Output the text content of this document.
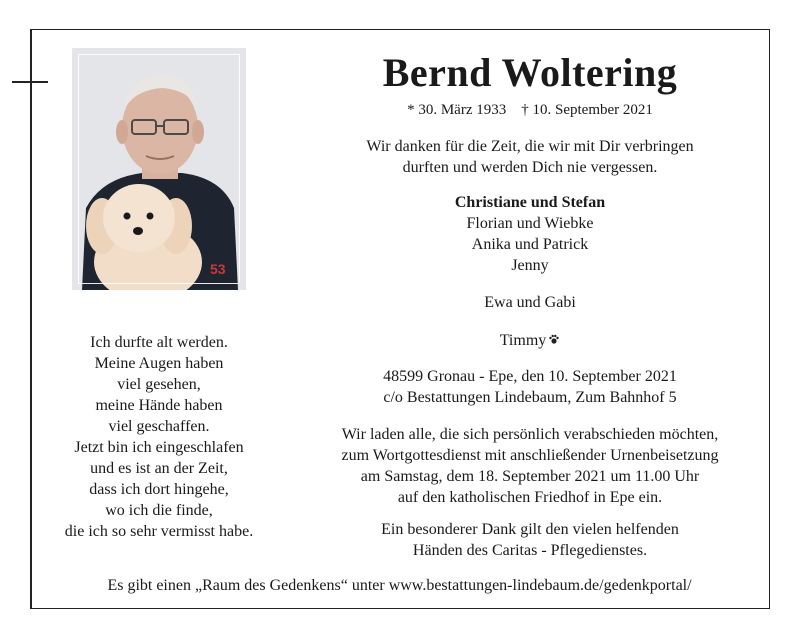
53
Bernd Woltering
* 30. März 1933 † 10. September 2021
Wir danken für die Zeit, die wir mit Dir verbringen
durften und werden Dich nie vergessen.
Christiane und Stefan
Florian und Wiebke
Anika und Patrick
Jenny
Ewa und Gabi
Timmy
Ich durfte alt werden.
Meine Augen haben
viel gesehen,
meine Hände haben
viel geschaffen.
Jetzt bin ich eingeschlafen
und es ist an der Zeit,
dass ich dort hingehe,
wo ich die finde,
die ich so sehr vermisst habe.
48599 Gronau - Epe, den 10. September 2021
c/o Bestattungen Lindebaum, Zum Bahnhof 5
Wir laden alle, die sich persönlich verabschieden möchten,
zum Wortgottesdienst mit anschließender Urnenbeisetzung
am Samstag, dem 18. September 2021 um 11.00 Uhr
auf den katholischen Friedhof in Epe ein.
Ein besonderer Dank gilt den vielen helfenden
Händen des Caritas - Pflegedienstes.
Es gibt einen „Raum des Gedenkens“ unter www.bestattungen-lindebaum.de/gedenkportal/
